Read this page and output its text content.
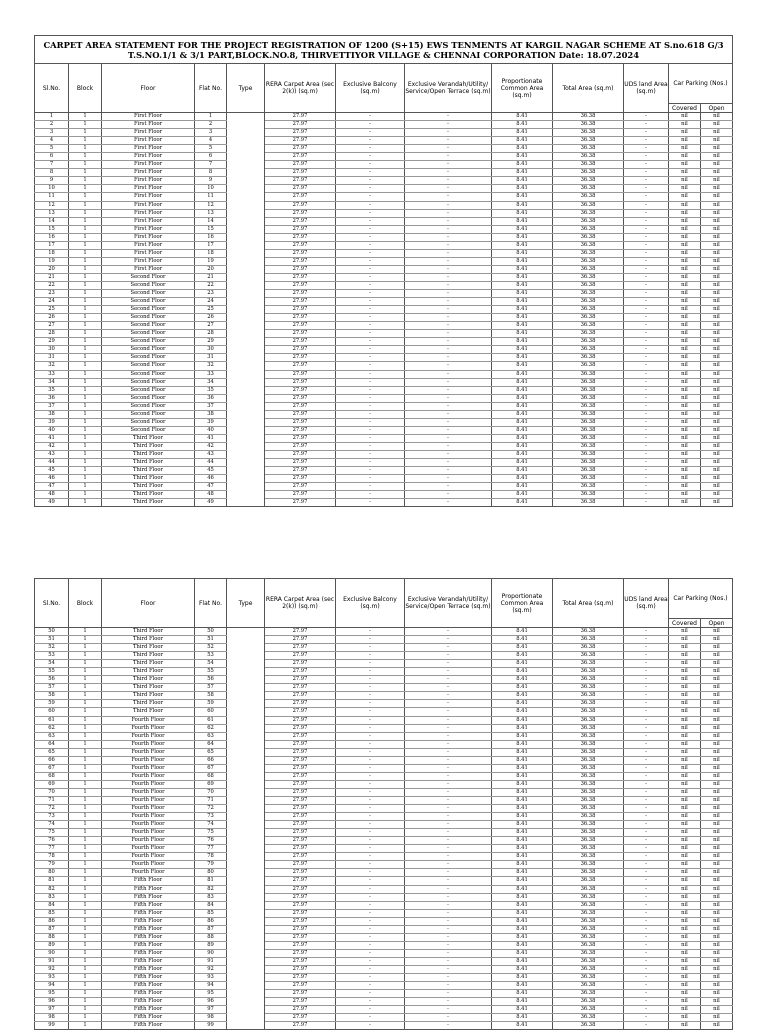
CARPET AREA STATEMENT FOR THE PROJECT REGISTRATION OF 1200 (S+15) EWS TENMENTS AT KARGIL NAGAR SCHEME AT S.no.618 G/3 T.S.NO.1/1 & 3/1 PART,BLOCK.NO.8, THIRVETTIYOR VILLAGE & CHENNAI CORPORATION Date: 18.07.2024												
Sl.No.	Block	Floor	Flat No.	Type	RERA Carpet Area (sec 2(k)) (sq.m)	Exclusive Balcony (sq.m)	Exclusive Verandah/Utility/ Service/Open Terrace (sq.m)	Proportionate Common Area (sq.m)	Total Area (sq.m)	UDS land Area (sq.m)	Car Parking (Nos.)	
											Covered	Open
1	1	First Floor	1		27.97	-	-	8.41	36.38	-	nil	nil
2	1	First Floor	2		27.97	-	-	8.41	36.38	-	nil	nil
3	1	First Floor	3		27.97	-	-	8.41	36.38	-	nil	nil
4	1	First Floor	4		27.97	-	-	8.41	36.38	-	nil	nil
5	1	First Floor	5		27.97	-	-	8.41	36.38	-	nil	nil
6	1	First Floor	6		27.97	-	-	8.41	36.38	-	nil	nil
7	1	First Floor	7		27.97	-	-	8.41	36.38	-	nil	nil
8	1	First Floor	8		27.97	-	-	8.41	36.38	-	nil	nil
9	1	First Floor	9		27.97	-	-	8.41	36.38	-	nil	nil
10	1	First Floor	10		27.97	-	-	8.41	36.38	-	nil	nil
11	1	First Floor	11		27.97	-	-	8.41	36.38	-	nil	nil
12	1	First Floor	12		27.97	-	-	8.41	36.38	-	nil	nil
13	1	First Floor	13		27.97	-	-	8.41	36.38	-	nil	nil
14	1	First Floor	14		27.97	-	-	8.41	36.38	-	nil	nil
15	1	First Floor	15		27.97	-	-	8.41	36.38	-	nil	nil
16	1	First Floor	16		27.97	-	-	8.41	36.38	-	nil	nil
17	1	First Floor	17		27.97	-	-	8.41	36.38	-	nil	nil
18	1	First Floor	18		27.97	-	-	8.41	36.38	-	nil	nil
19	1	First Floor	19		27.97	-	-	8.41	36.38	-	nil	nil
20	1	First Floor	20		27.97	-	-	8.41	36.38	-	nil	nil
21	1	Second Floor	21		27.97	-	-	8.41	36.38	-	nil	nil
22	1	Second Floor	22		27.97	-	-	8.41	36.38	-	nil	nil
23	1	Second Floor	23		27.97	-	-	8.41	36.38	-	nil	nil
24	1	Second Floor	24		27.97	-	-	8.41	36.38	-	nil	nil
25	1	Second Floor	25		27.97	-	-	8.41	36.38	-	nil	nil
26	1	Second Floor	26		27.97	-	-	8.41	36.38	-	nil	nil
27	1	Second Floor	27		27.97	-	-	8.41	36.38	-	nil	nil
28	1	Second Floor	28		27.97	-	-	8.41	36.38	-	nil	nil
29	1	Second Floor	29		27.97	-	-	8.41	36.38	-	nil	nil
30	1	Second Floor	30		27.97	-	-	8.41	36.38	-	nil	nil
31	1	Second Floor	31		27.97	-	-	8.41	36.38	-	nil	nil
32	1	Second Floor	32		27.97	-	-	8.41	36.38	-	nil	nil
33	1	Second Floor	33		27.97	-	-	8.41	36.38	-	nil	nil
34	1	Second Floor	34		27.97	-	-	8.41	36.38	-	nil	nil
35	1	Second Floor	35		27.97	-	-	8.41	36.38	-	nil	nil
36	1	Second Floor	36		27.97	-	-	8.41	36.38	-	nil	nil
37	1	Second Floor	37		27.97	-	-	8.41	36.38	-	nil	nil
38	1	Second Floor	38		27.97	-	-	8.41	36.38	-	nil	nil
39	1	Second Floor	39		27.97	-	-	8.41	36.38	-	nil	nil
40	1	Second Floor	40		27.97	-	-	8.41	36.38	-	nil	nil
41	1	Third Floor	41		27.97	-	-	8.41	36.38	-	nil	nil
42	1	Third Floor	42		27.97	-	-	8.41	36.38	-	nil	nil
43	1	Third Floor	43		27.97	-	-	8.41	36.38	-	nil	nil
44	1	Third Floor	44		27.97	-	-	8.41	36.38	-	nil	nil
45	1	Third Floor	45		27.97	-	-	8.41	36.38	-	nil	nil
46	1	Third Floor	46		27.97	-	-	8.41	36.38	-	nil	nil
47	1	Third Floor	47		27.97	-	-	8.41	36.38	-	nil	nil
48	1	Third Floor	48		27.97	-	-	8.41	36.38	-	nil	nil
49	1	Third Floor	49		27.97	-	-	8.41	36.38	-	nil	nil
Sl.No.	Block	Floor	Flat No.	Type	RERA Carpet Area (sec 2(k)) (sq.m)	Exclusive Balcony (sq.m)	Exclusive Verandah/Utility/ Service/Open Terrace (sq.m)	Proportionate Common Area (sq.m)	Total Area (sq.m)	UDS land Area (sq.m)	Car Parking (Nos.)	
											Covered	Open
50	1	Third Floor	50		27.97	-	-	8.41	36.38	-	nil	nil
51	1	Third Floor	51		27.97	-	-	8.41	36.38	-	nil	nil
52	1	Third Floor	52		27.97	-	-	8.41	36.38	-	nil	nil
53	1	Third Floor	53		27.97	-	-	8.41	36.38	-	nil	nil
54	1	Third Floor	54		27.97	-	-	8.41	36.38	-	nil	nil
55	1	Third Floor	55		27.97	-	-	8.41	36.38	-	nil	nil
56	1	Third Floor	56		27.97	-	-	8.41	36.38	-	nil	nil
57	1	Third Floor	57		27.97	-	-	8.41	36.38	-	nil	nil
58	1	Third Floor	58		27.97	-	-	8.41	36.38	-	nil	nil
59	1	Third Floor	59		27.97	-	-	8.41	36.38	-	nil	nil
60	1	Third Floor	60		27.97	-	-	8.41	36.38	-	nil	nil
61	1	Fourth Floor	61		27.97	-	-	8.41	36.38	-	nil	nil
62	1	Fourth Floor	62		27.97	-	-	8.41	36.38	-	nil	nil
63	1	Fourth Floor	63		27.97	-	-	8.41	36.38	-	nil	nil
64	1	Fourth Floor	64		27.97	-	-	8.41	36.38	-	nil	nil
65	1	Fourth Floor	65		27.97	-	-	8.41	36.38	-	nil	nil
66	1	Fourth Floor	66		27.97	-	-	8.41	36.38	-	nil	nil
67	1	Fourth Floor	67		27.97	-	-	8.41	36.38	-	nil	nil
68	1	Fourth Floor	68		27.97	-	-	8.41	36.38	-	nil	nil
69	1	Fourth Floor	69		27.97	-	-	8.41	36.38	-	nil	nil
70	1	Fourth Floor	70		27.97	-	-	8.41	36.38	-	nil	nil
71	1	Fourth Floor	71		27.97	-	-	8.41	36.38	-	nil	nil
72	1	Fourth Floor	72		27.97	-	-	8.41	36.38	-	nil	nil
73	1	Fourth Floor	73		27.97	-	-	8.41	36.38	-	nil	nil
74	1	Fourth Floor	74		27.97	-	-	8.41	36.38	-	nil	nil
75	1	Fourth Floor	75		27.97	-	-	8.41	36.38	-	nil	nil
76	1	Fourth Floor	76		27.97	-	-	8.41	36.38	-	nil	nil
77	1	Fourth Floor	77		27.97	-	-	8.41	36.38	-	nil	nil
78	1	Fourth Floor	78		27.97	-	-	8.41	36.38	-	nil	nil
79	1	Fourth Floor	79		27.97	-	-	8.41	36.38	-	nil	nil
80	1	Fourth Floor	80		27.97	-	-	8.41	36.38	-	nil	nil
81	1	Fifth Floor	81		27.97	-	-	8.41	36.38	-	nil	nil
82	1	Fifth Floor	82		27.97	-	-	8.41	36.38	-	nil	nil
83	1	Fifth Floor	83		27.97	-	-	8.41	36.38	-	nil	nil
84	1	Fifth Floor	84		27.97	-	-	8.41	36.38	-	nil	nil
85	1	Fifth Floor	85		27.97	-	-	8.41	36.38	-	nil	nil
86	1	Fifth Floor	86		27.97	-	-	8.41	36.38	-	nil	nil
87	1	Fifth Floor	87		27.97	-	-	8.41	36.38	-	nil	nil
88	1	Fifth Floor	88		27.97	-	-	8.41	36.38	-	nil	nil
89	1	Fifth Floor	89		27.97	-	-	8.41	36.38	-	nil	nil
90	1	Fifth Floor	90		27.97	-	-	8.41	36.38	-	nil	nil
91	1	Fifth Floor	91		27.97	-	-	8.41	36.38	-	nil	nil
92	1	Fifth Floor	92		27.97	-	-	8.41	36.38	-	nil	nil
93	1	Fifth Floor	93		27.97	-	-	8.41	36.38	-	nil	nil
94	1	Fifth Floor	94		27.97	-	-	8.41	36.38	-	nil	nil
95	1	Fifth Floor	95		27.97	-	-	8.41	36.38	-	nil	nil
96	1	Fifth Floor	96		27.97	-	-	8.41	36.38	-	nil	nil
97	1	Fifth Floor	97		27.97	-	-	8.41	36.38	-	nil	nil
98	1	Fifth Floor	98		27.97	-	-	8.41	36.38	-	nil	nil
99	1	Fifth Floor	99		27.97	-	-	8.41	36.38	-	nil	nil
